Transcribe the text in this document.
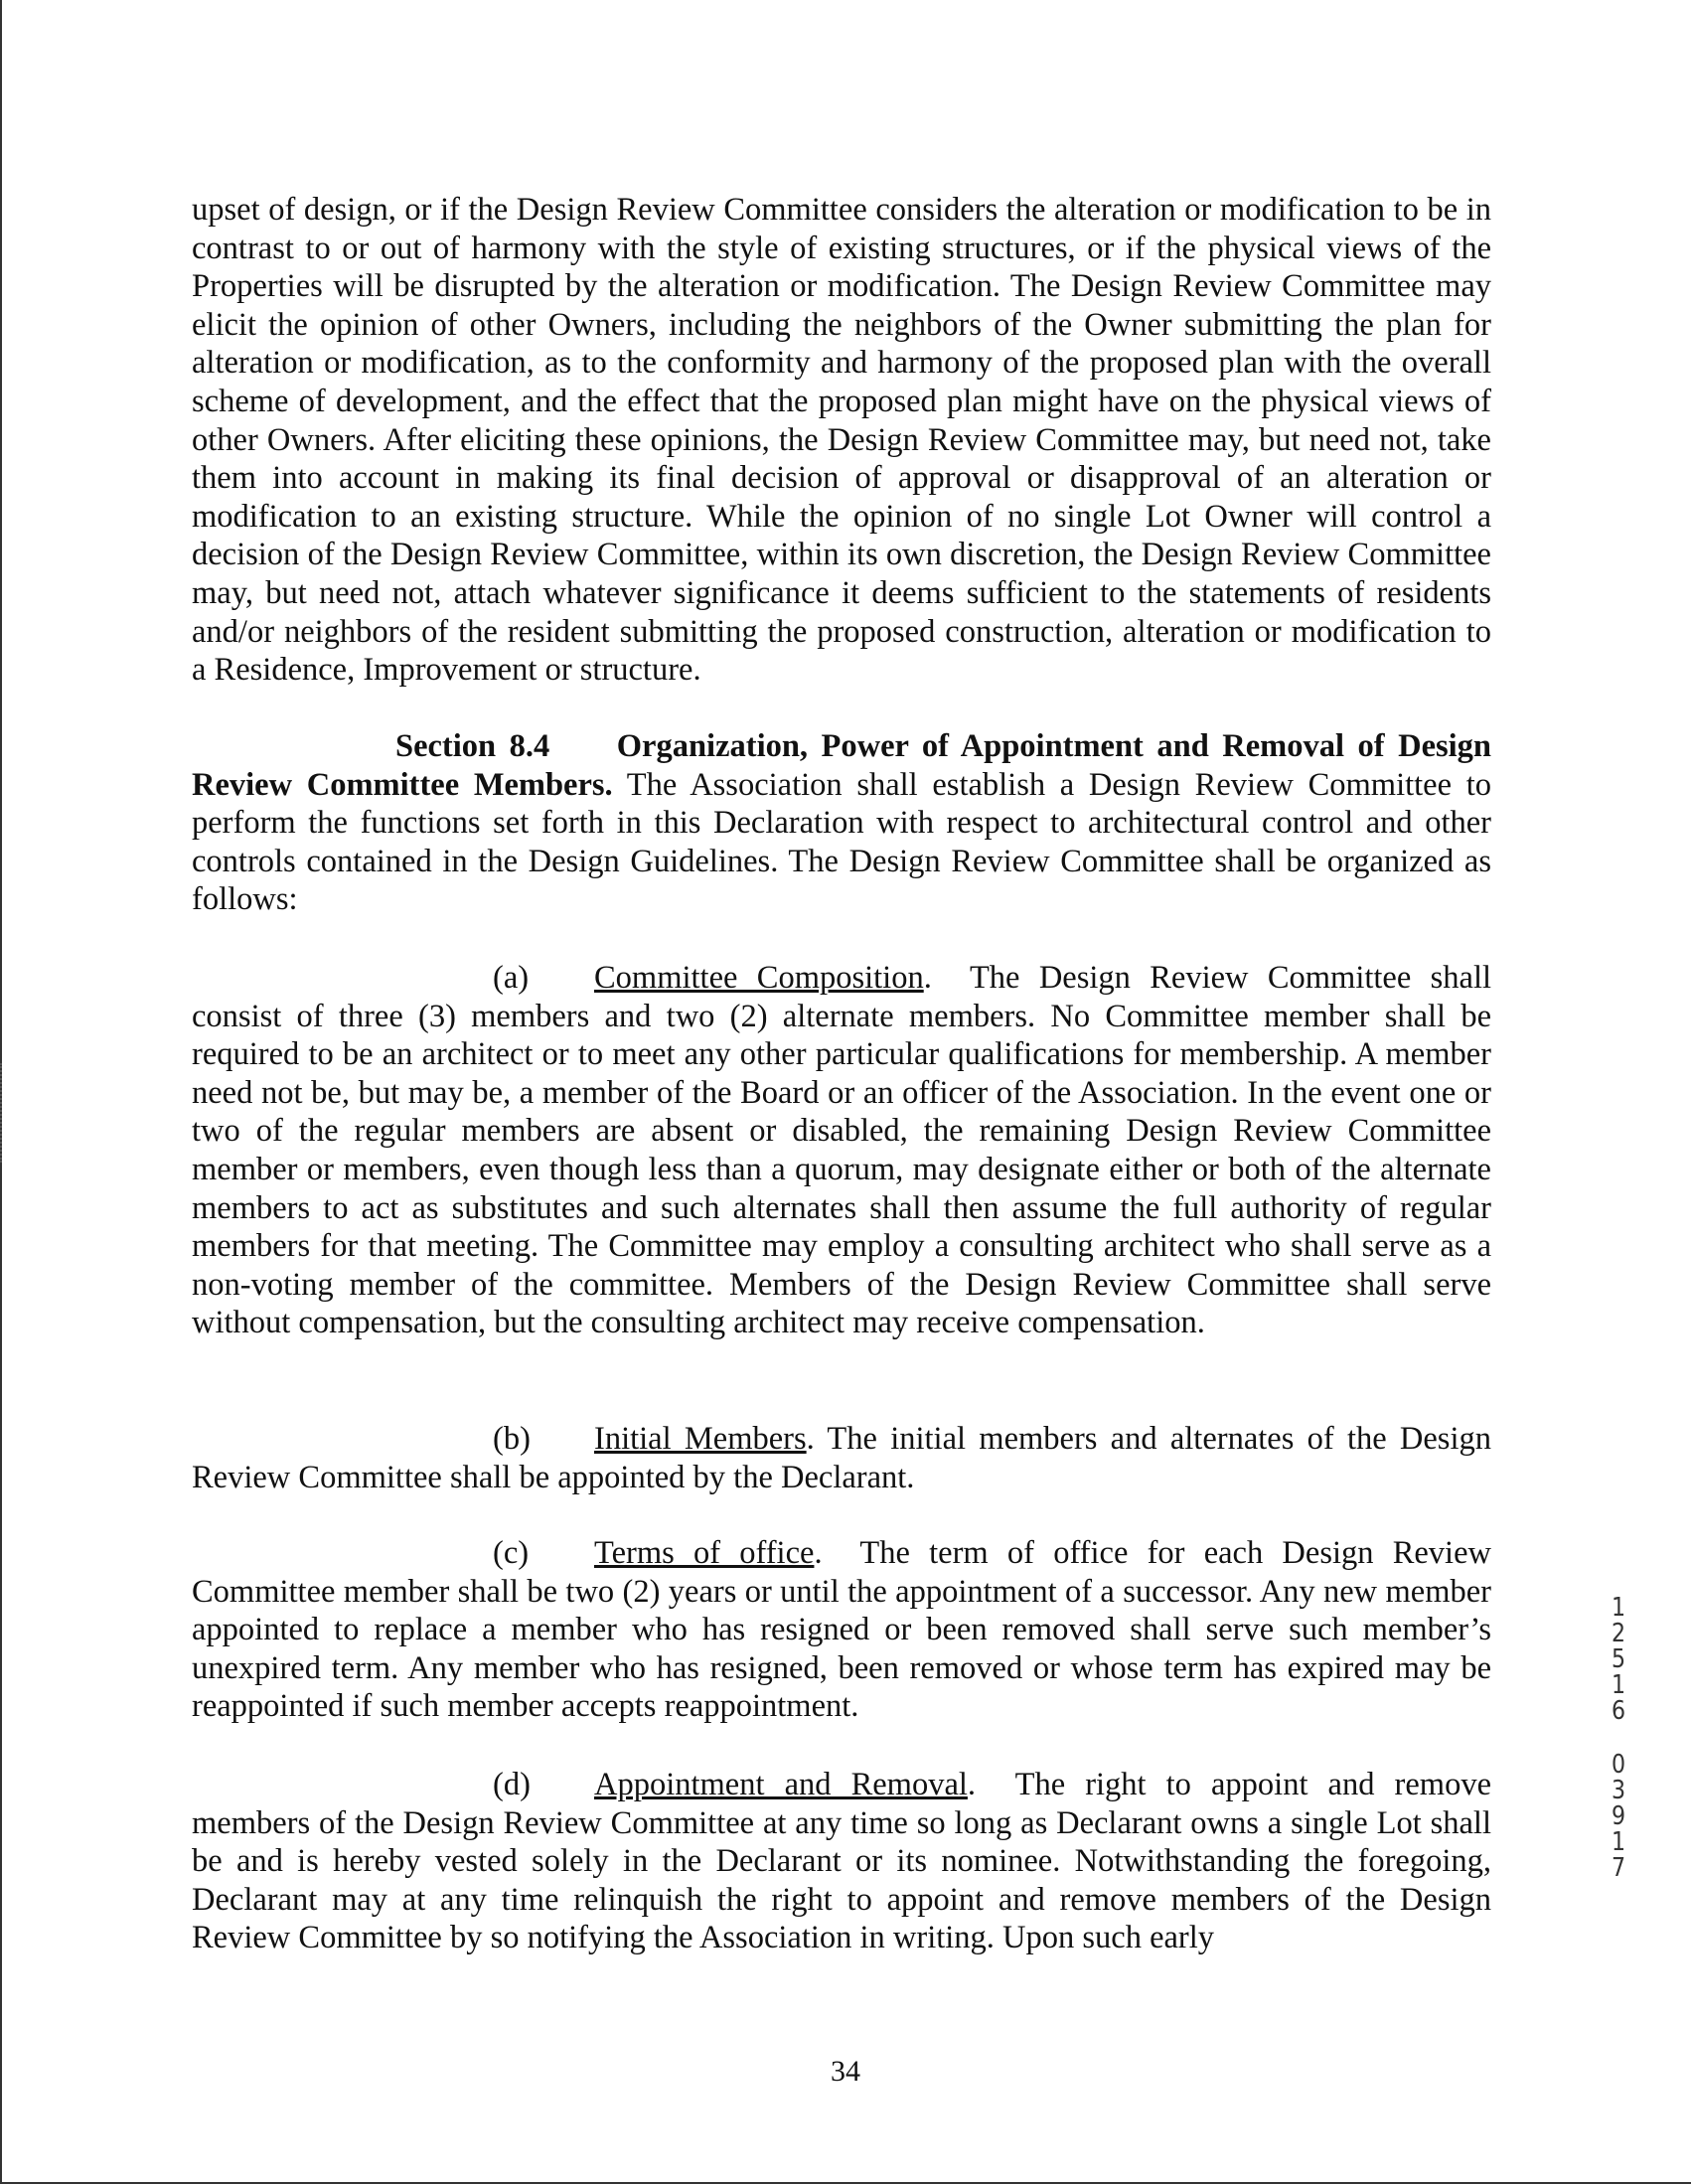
upset of design, or if the Design Review Committee considers the alteration or modification to be in contrast to or out of harmony with the style of existing structures, or if the physical views of the Properties will be disrupted by the alteration or modification. The Design Review Committee may elicit the opinion of other Owners, including the neighbors of the Owner submitting the plan for alteration or modification, as to the conformity and harmony of the proposed plan with the overall scheme of development, and the effect that the proposed plan might have on the physical views of other Owners. After eliciting these opinions, the Design Review Committee may, but need not, take them into account in making its final decision of approval or disapproval of an alteration or modification to an existing structure. While the opinion of no single Lot Owner will control a decision of the Design Review Committee, within its own discretion, the Design Review Committee may, but need not, attach whatever significance it deems sufficient to the statements of residents and/or neighbors of the resident submitting the proposed construction, alteration or modification to a Residence, Improvement or structure.

Section 8.4 Organization, Power of Appointment and Removal of Design Review Committee Members. The Association shall establish a Design Review Committee to perform the functions set forth in this Declaration with respect to architectural control and other controls contained in the Design Guidelines. The Design Review Committee shall be organized as follows:

(a) Committee Composition.  The Design Review Committee shall consist of three (3) members and two (2) alternate members. No Committee member shall be required to be an architect or to meet any other particular qualifications for membership. A member need not be, but may be, a member of the Board or an officer of the Association. In the event one or two of the regular members are absent or disabled, the remaining Design Review Committee member or members, even though less than a quorum, may designate either or both of the alternate members to act as substitutes and such alternates shall then assume the full authority of regular members for that meeting. The Committee may employ a consulting architect who shall serve as a non-voting member of the committee. Members of the Design Review Committee shall serve without compensation, but the consulting architect may receive compensation.

(b) Initial Members. The initial members and alternates of the Design Review Committee shall be appointed by the Declarant.

(c) Terms of office.  The term of office for each Design Review Committee member shall be two (2) years or until the appointment of a successor. Any new member appointed to replace a member who has resigned or been removed shall serve such member’s unexpired term. Any member who has resigned, been removed or whose term has expired may be reappointed if such member accepts reappointment.

(d) Appointment and Removal.  The right to appoint and remove members of the Design Review Committee at any time so long as Declarant owns a single Lot shall be and is hereby vested solely in the Declarant or its nominee. Notwithstanding the foregoing, Declarant may at any time relinquish the right to appoint and remove members of the Design Review Committee by so notifying the Association in writing. Upon such early

34
1
2
5
1
6
0
3
9
1
7
